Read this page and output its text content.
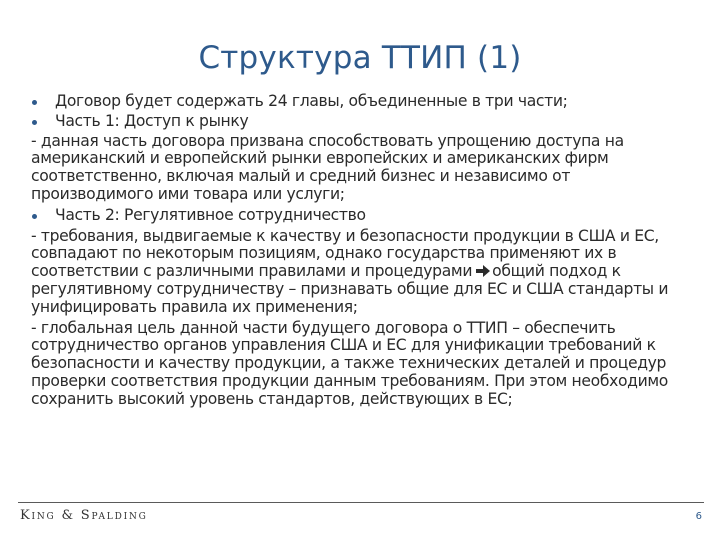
Структура ТТИП (1)
Договор будет содержать 24 главы, объединенные в три части;
Часть 1: Доступ к рынку
- данная часть договора призвана способствовать упрощению доступа на американский и европейский рынки европейских и американских фирм соответственно, включая малый и средний бизнес и независимо от производимого ими товара или услуги;
Часть 2: Регулятивное сотрудничество
- требования, выдвигаемые к качеству и безопасности продукции в США и ЕС, совпадают по некоторым позициям, однако государства применяют их в соответствии с различными правилами и процедурами общий подход к регулятивному сотрудничеству – признавать общие для ЕС и США стандарты и унифицировать правила их применения;
- глобальная цель данной части будущего договора о ТТИП – обеспечить сотрудничество органов управления США и ЕС для унификации требований к безопасности и качеству продукции, а также технических деталей и процедур проверки соответствия продукции данным требованиям. При этом необходимо сохранить высокий уровень стандартов, действующих в ЕС;
King & Spalding	6
